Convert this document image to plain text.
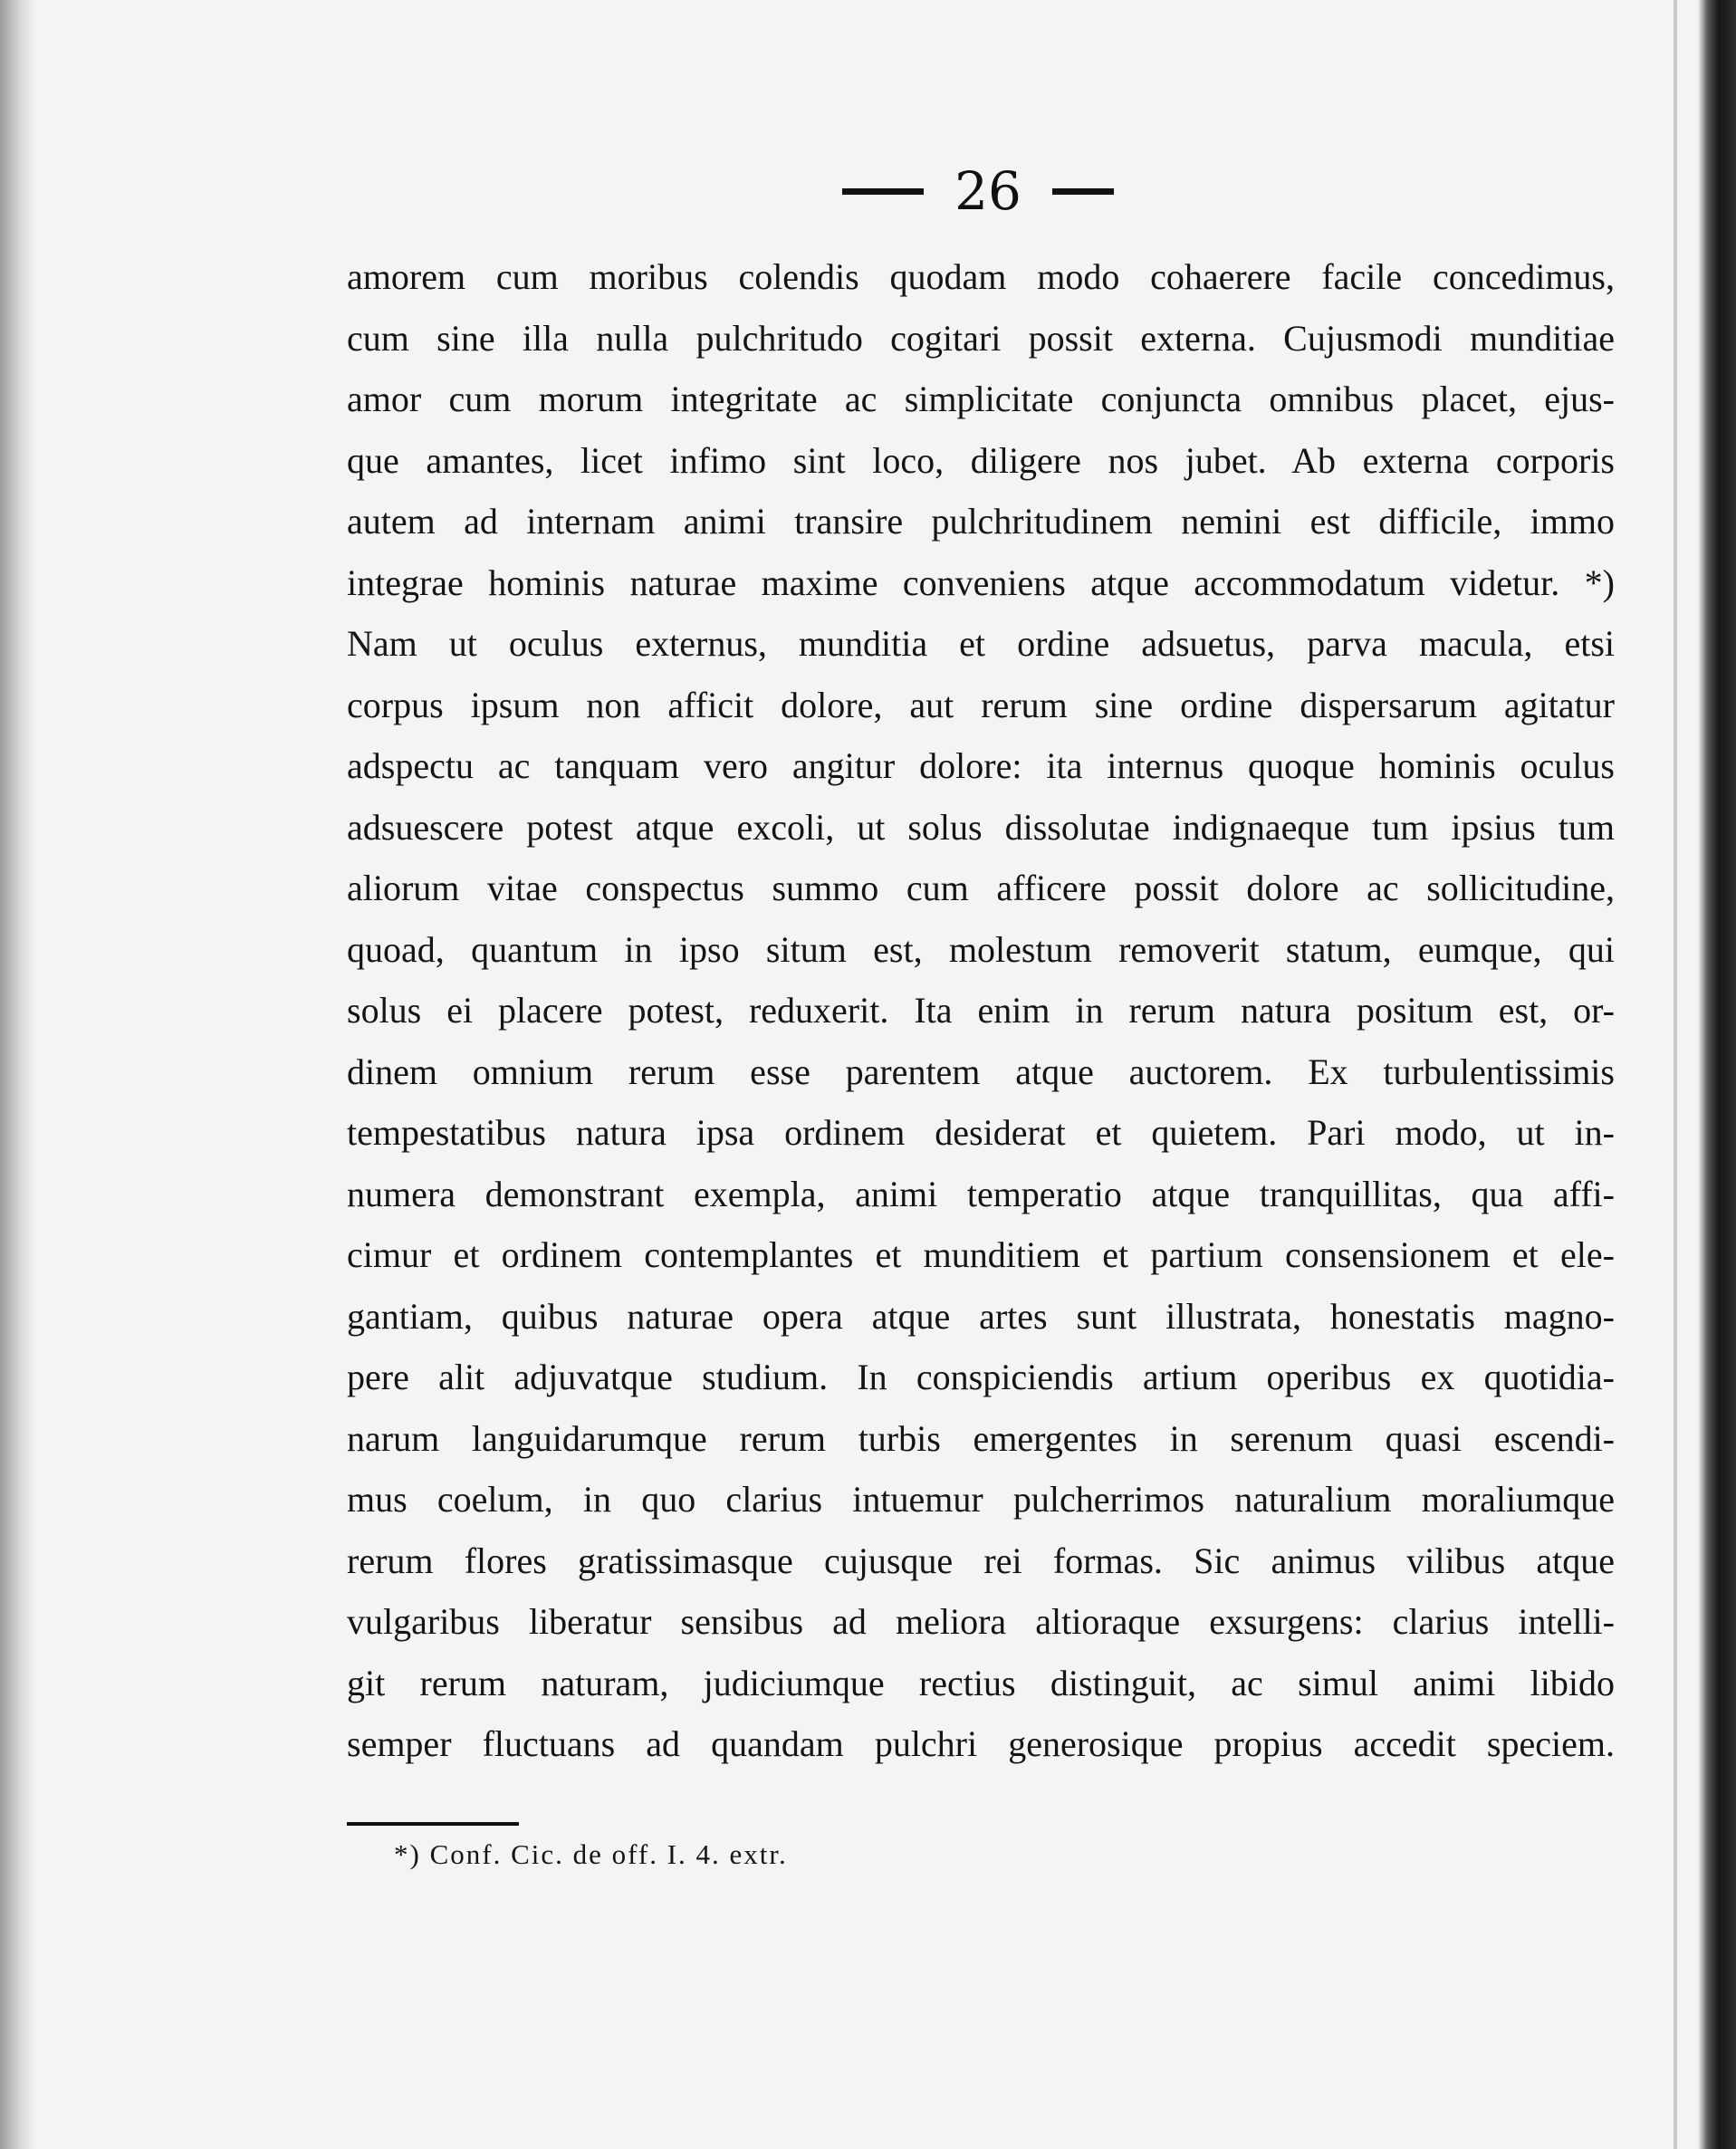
26
amorem cum moribus colendis quodam modo cohaerere facile concedimus,
cum sine illa nulla pulchritudo cogitari possit externa. Cujusmodi munditiae
amor cum morum integritate ac simplicitate conjuncta omnibus placet, ejus-
que amantes, licet infimo sint loco, diligere nos jubet. Ab externa corporis
autem ad internam animi transire pulchritudinem nemini est difficile, immo
integrae hominis naturae maxime conveniens atque accommodatum videtur. *)
Nam ut oculus externus, munditia et ordine adsuetus, parva macula, etsi
corpus ipsum non afficit dolore, aut rerum sine ordine dispersarum agitatur
adspectu ac tanquam vero angitur dolore: ita internus quoque hominis oculus
adsuescere potest atque excoli, ut solus dissolutae indignaeque tum ipsius tum
aliorum vitae conspectus summo cum afficere possit dolore ac sollicitudine,
quoad, quantum in ipso situm est, molestum removerit statum, eumque, qui
solus ei placere potest, reduxerit. Ita enim in rerum natura positum est, or-
dinem omnium rerum esse parentem atque auctorem. Ex turbulentissimis
tempestatibus natura ipsa ordinem desiderat et quietem. Pari modo, ut in-
numera demonstrant exempla, animi temperatio atque tranquillitas, qua affi-
cimur et ordinem contemplantes et munditiem et partium consensionem et ele-
gantiam, quibus naturae opera atque artes sunt illustrata, honestatis magno-
pere alit adjuvatque studium. In conspiciendis artium operibus ex quotidia-
narum languidarumque rerum turbis emergentes in serenum quasi escendi-
mus coelum, in quo clarius intuemur pulcherrimos naturalium moraliumque
rerum flores gratissimasque cujusque rei formas. Sic animus vilibus atque
vulgaribus liberatur sensibus ad meliora altioraque exsurgens: clarius intelli-
git rerum naturam, judiciumque rectius distinguit, ac simul animi libido
semper fluctuans ad quandam pulchri generosique propius accedit speciem.
*) Conf. Cic. de off. I. 4. extr.
